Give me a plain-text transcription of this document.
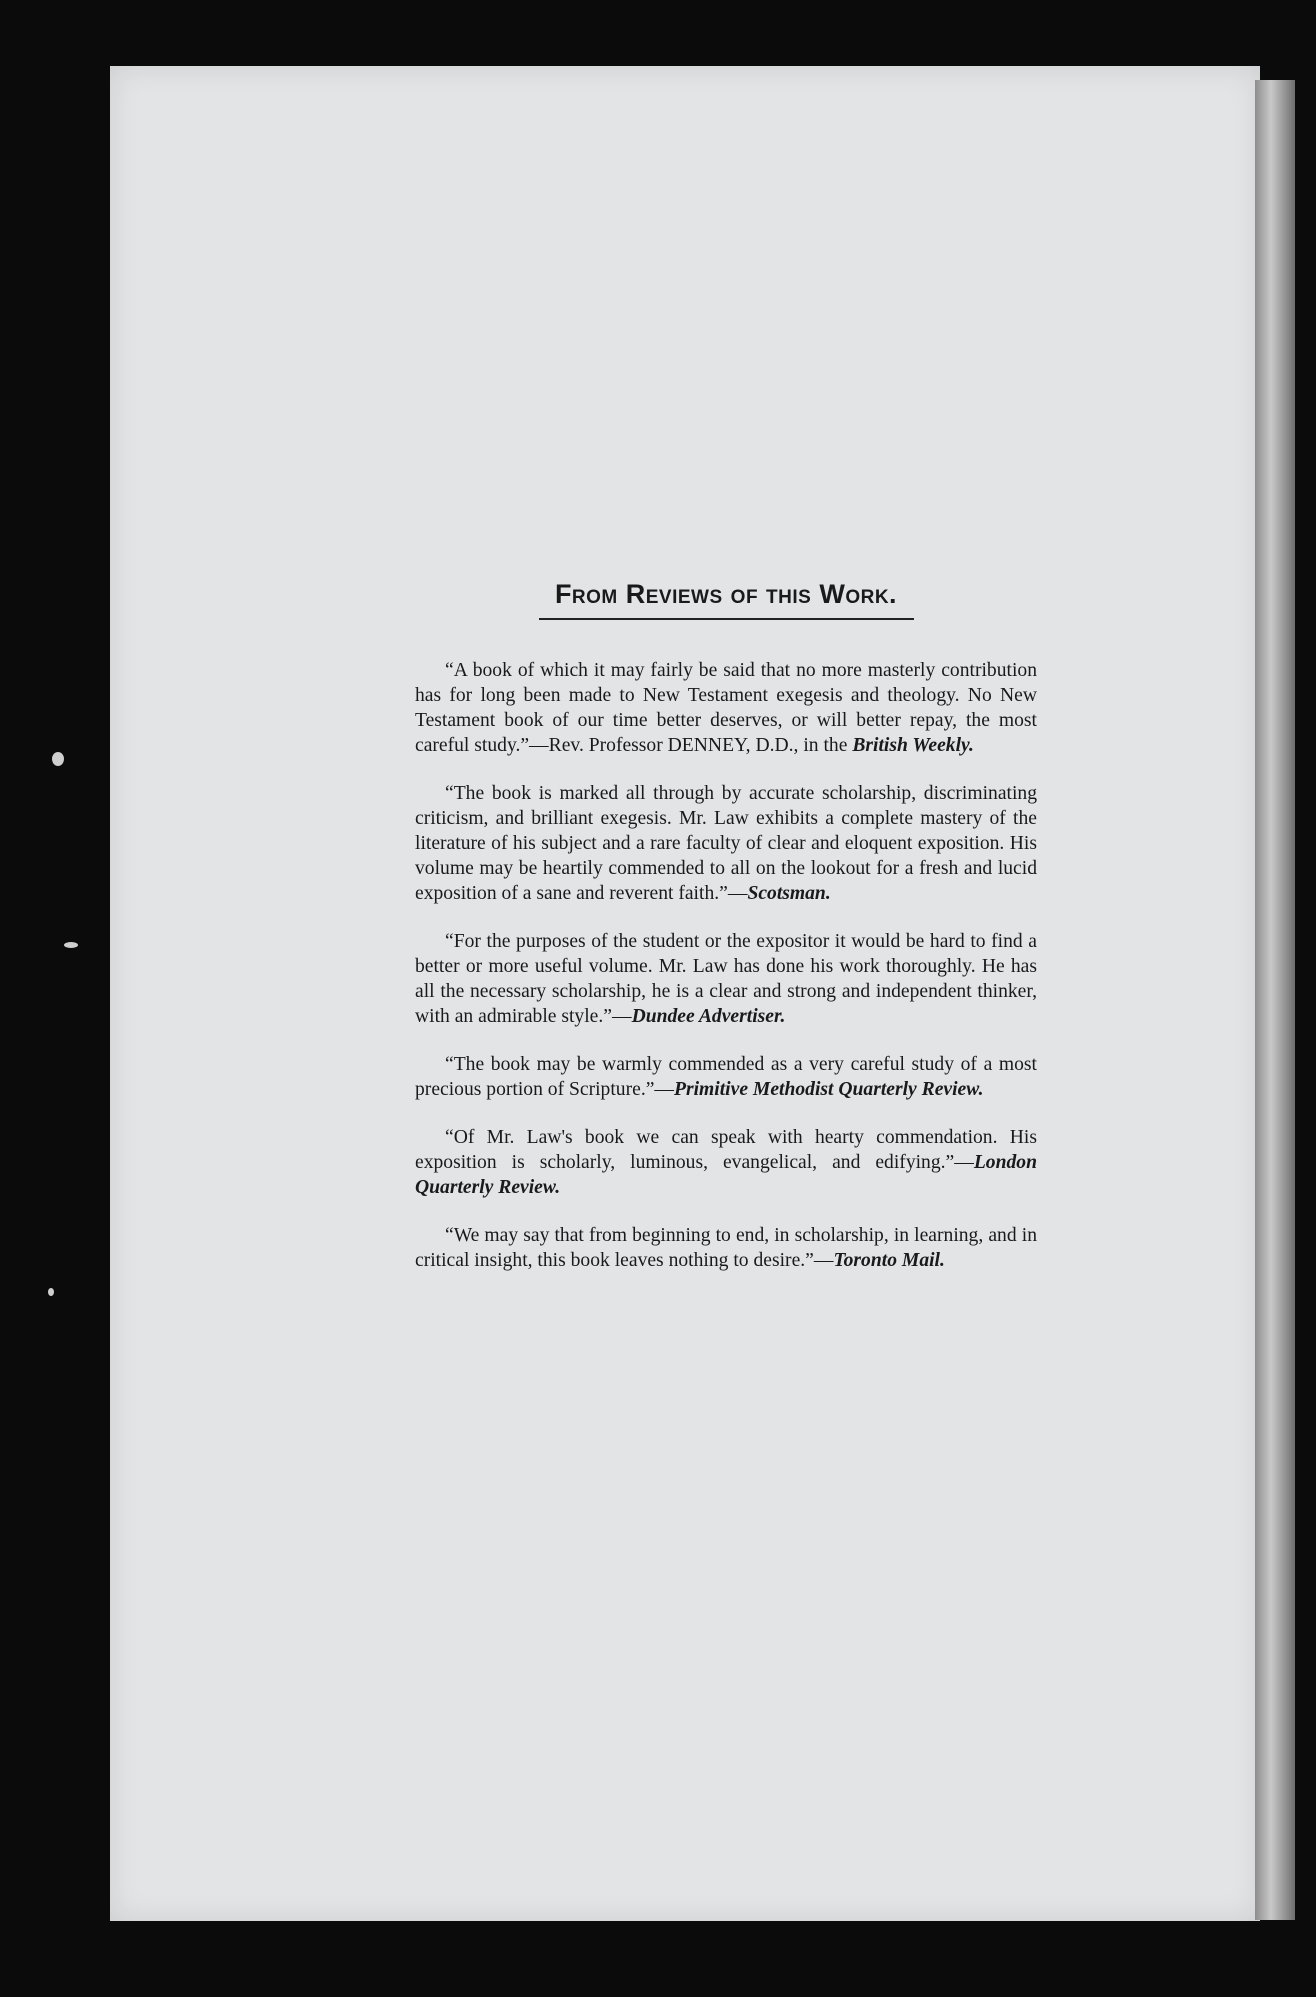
From Reviews of this Work.

“A book of which it may fairly be said that no more masterly contribution has for long been made to New Testament exegesis and theology. No New Testament book of our time better deserves, or will better repay, the most careful study.”—Rev. Professor DENNEY, D.D., in the British Weekly.

“The book is marked all through by accurate scholarship, discriminating criticism, and brilliant exegesis. Mr. Law exhibits a complete mastery of the literature of his subject and a rare faculty of clear and eloquent exposition. His volume may be heartily commended to all on the lookout for a fresh and lucid exposition of a sane and reverent faith.”—Scotsman.

“For the purposes of the student or the expositor it would be hard to find a better or more useful volume. Mr. Law has done his work thoroughly. He has all the necessary scholarship, he is a clear and strong and independent thinker, with an admirable style.”—Dundee Advertiser.

“The book may be warmly commended as a very careful study of a most precious portion of Scripture.”—Primitive Methodist Quarterly Review.

“Of Mr. Law's book we can speak with hearty commendation. His exposition is scholarly, luminous, evangelical, and edifying.”—London Quarterly Review.

“We may say that from beginning to end, in scholarship, in learning, and in critical insight, this book leaves nothing to desire.”—Toronto Mail.
